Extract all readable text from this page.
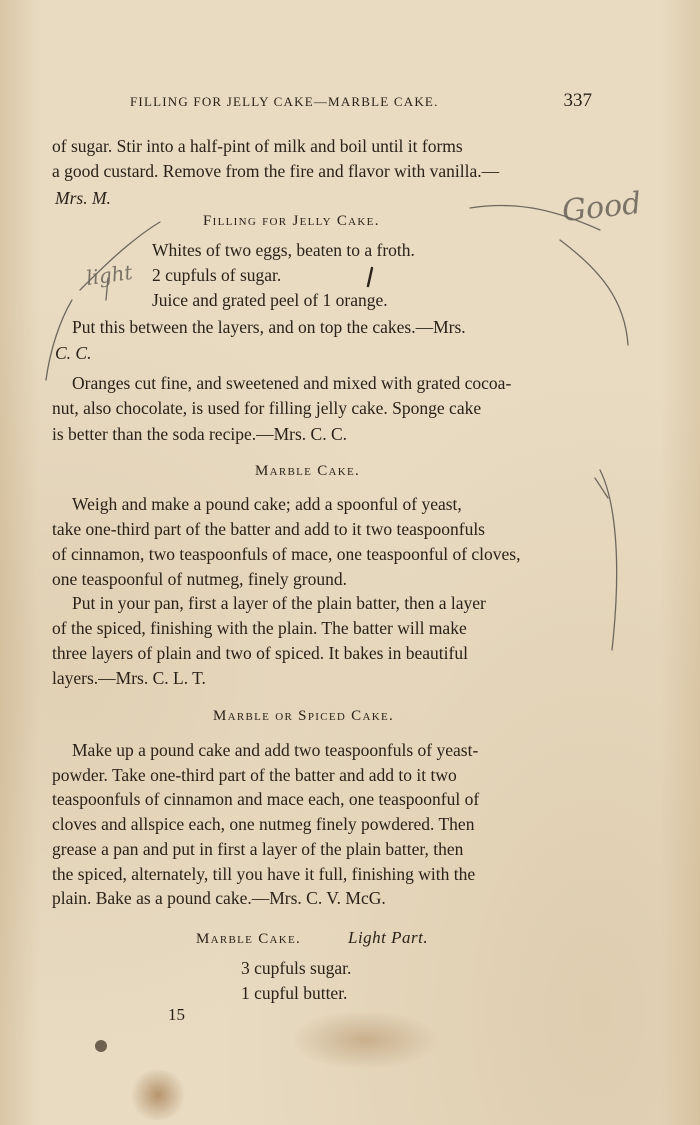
FILLING FOR JELLY CAKE—MARBLE CAKE.	337
of sugar. Stir into a half-pint of milk and boil until it forms
a good custard. Remove from the fire and flavor with vanilla.—
Mrs. M.
Filling for Jelly Cake.
Whites of two eggs, beaten to a froth.
2 cupfuls of sugar.
Juice and grated peel of 1 orange.
Put this between the layers, and on top the cakes.—Mrs.
C. C.
Oranges cut fine, and sweetened and mixed with grated cocoa-
nut, also chocolate, is used for filling jelly cake. Sponge cake
is better than the soda recipe.—Mrs. C. C.
Marble Cake.
Weigh and make a pound cake; add a spoonful of yeast,
take one-third part of the batter and add to it two teaspoonfuls
of cinnamon, two teaspoonfuls of mace, one teaspoonful of cloves,
one teaspoonful of nutmeg, finely ground.
Put in your pan, first a layer of the plain batter, then a layer
of the spiced, finishing with the plain. The batter will make
three layers of plain and two of spiced. It bakes in beautiful
layers.—Mrs. C. L. T.
Marble or Spiced Cake.
Make up a pound cake and add two teaspoonfuls of yeast-
powder. Take one-third part of the batter and add to it two
teaspoonfuls of cinnamon and mace each, one teaspoonful of
cloves and allspice each, one nutmeg finely powdered. Then
grease a pan and put in first a layer of the plain batter, then
the spiced, alternately, till you have it full, finishing with the
plain. Bake as a pound cake.—Mrs. C. V. McG.
Marble Cake.	Light Part.
3 cupfuls sugar.
1 cupful butter.
15
light
Good
